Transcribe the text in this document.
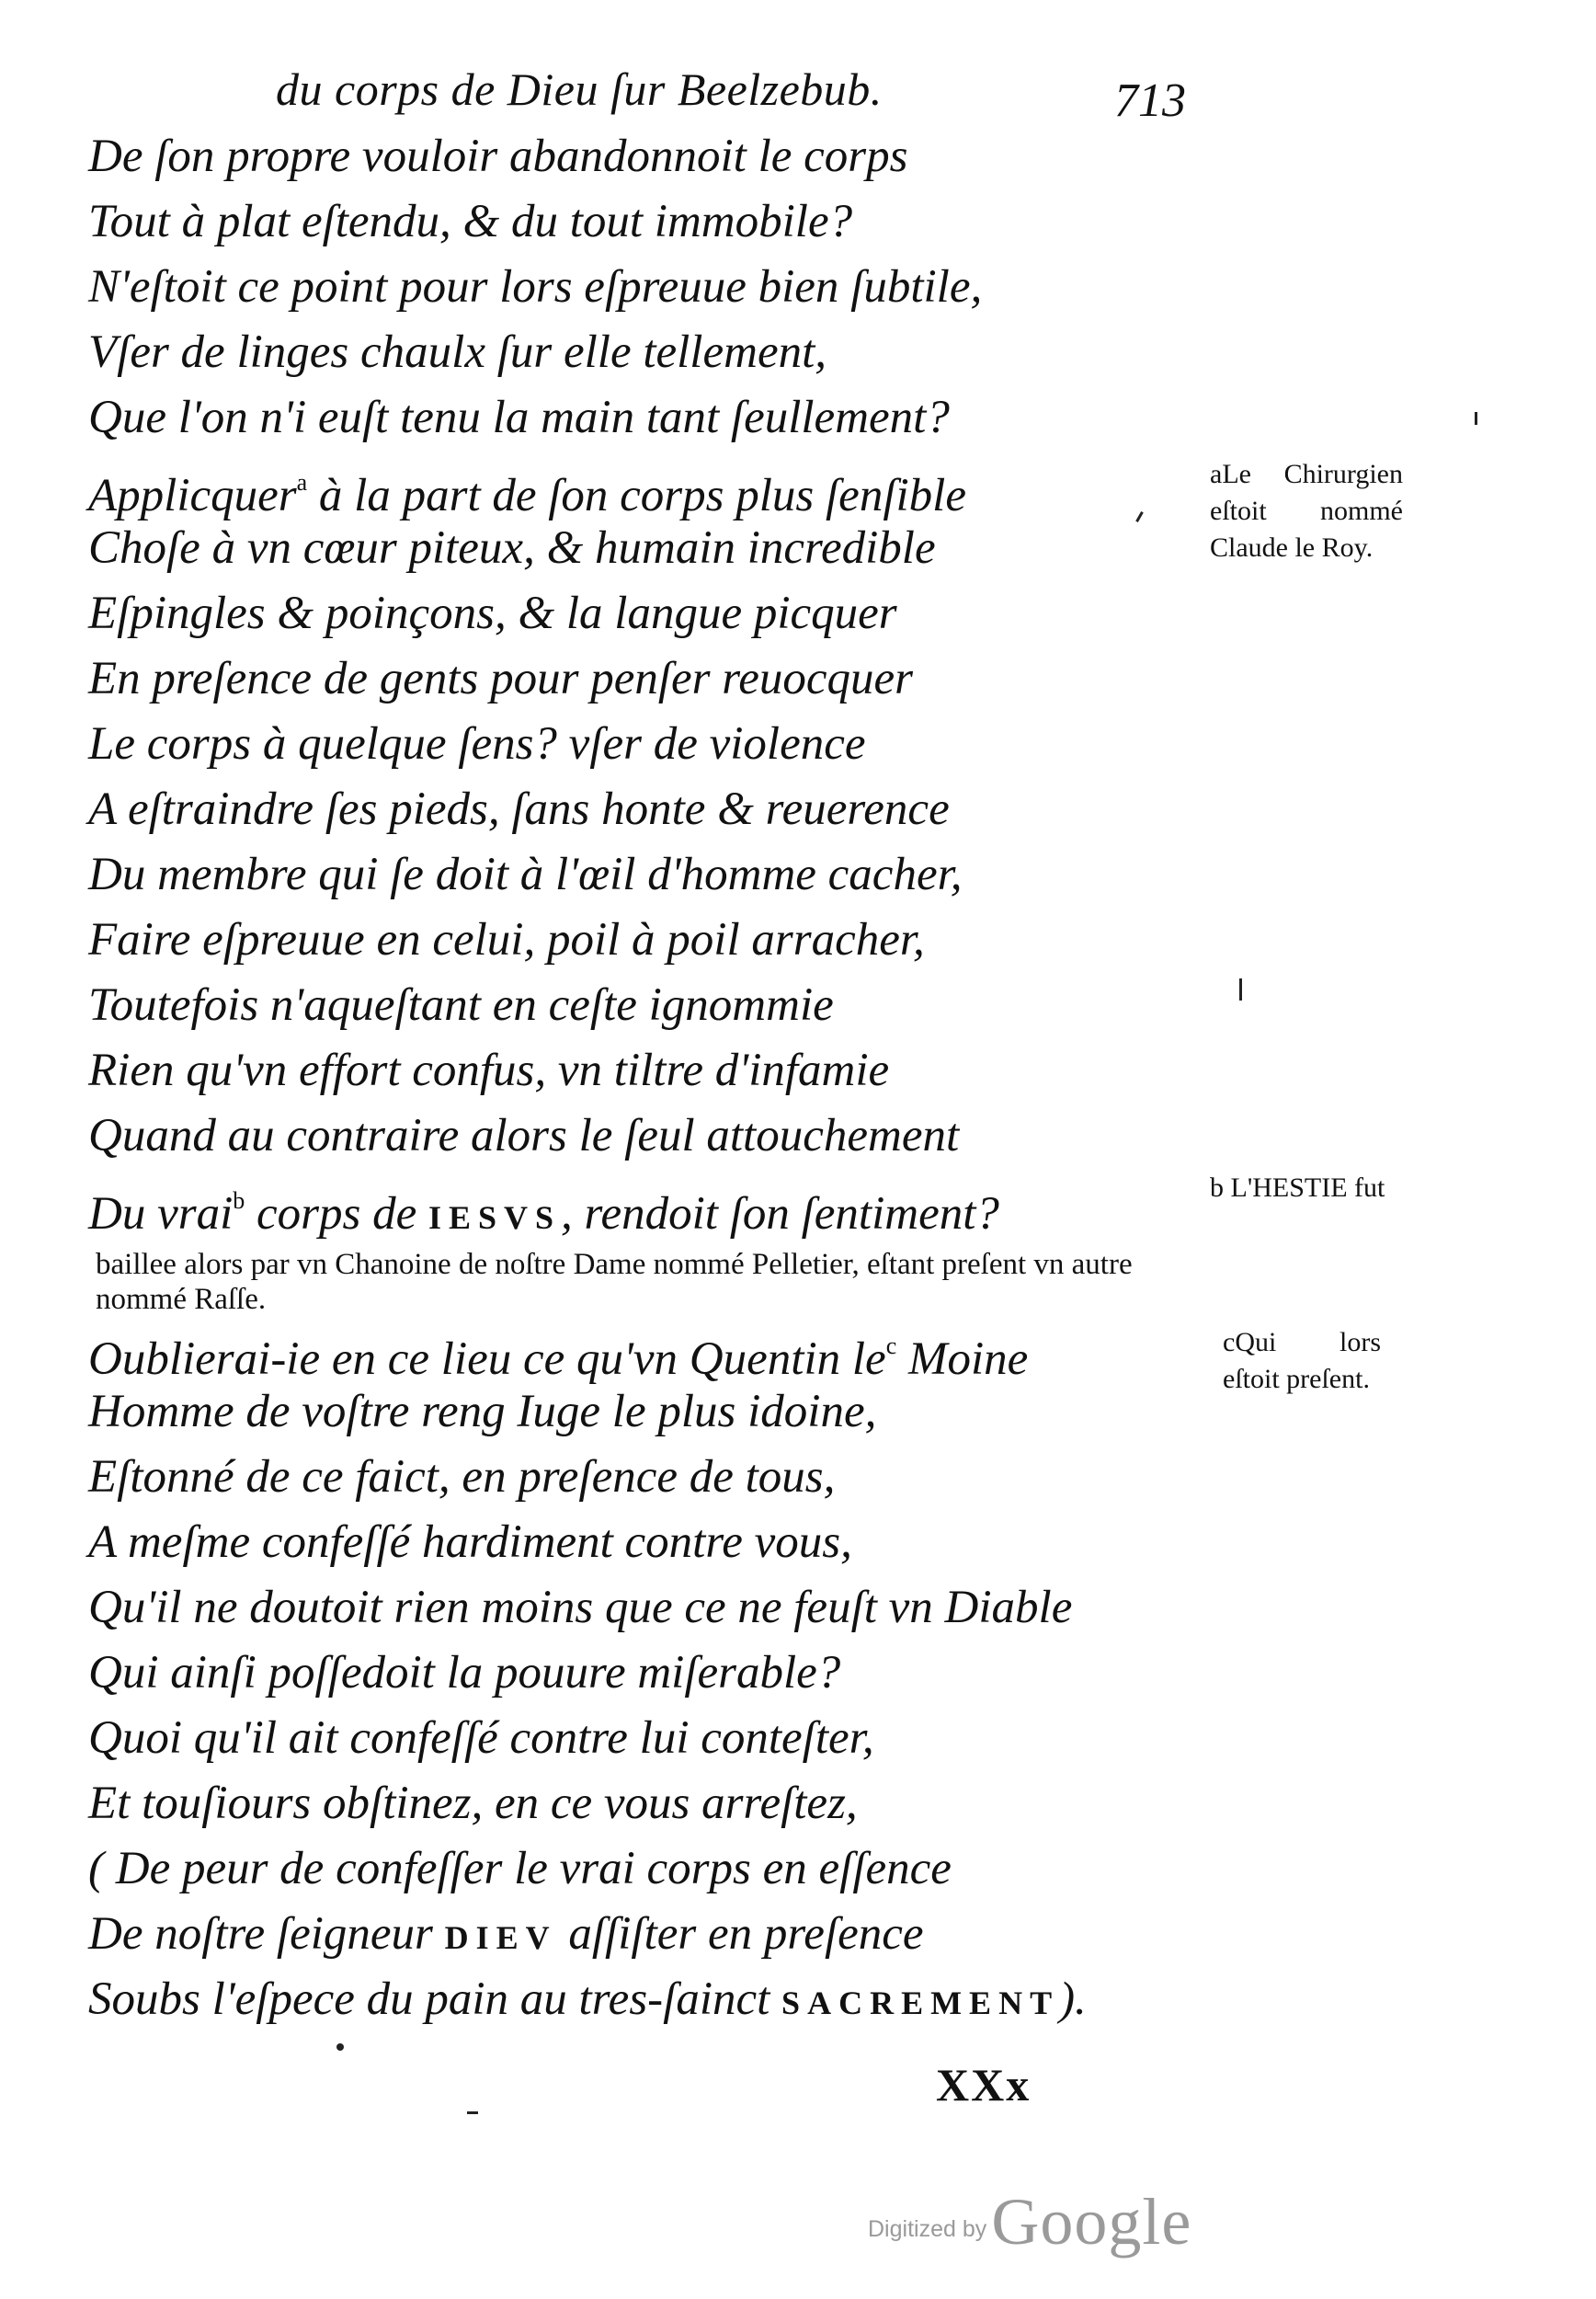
du corps de Dieu ſur Beelzebub.	713
De ſon propre vouloir abandonnoit le corps
Tout à plat eſtendu, & du tout immobile?
N'eſtoit ce point pour lors eſpreuue bien ſubtile,
Vſer de linges chaulx ſur elle tellement,
Que l'on n'i euſt tenu la main tant ſeullement?
Applicquer$^a$ à la part de ſon corps plus ſenſible
Choſe à vn cœur piteux, & humain incredible
Eſpingles & poinçons, & la langue picquer
En preſence de gents pour penſer reuocquer
Le corps à quelque ſens? vſer de violence
A eſtraindre ſes pieds, ſans honte & reuerence
Du membre qui ſe doit à l'œil d'homme cacher,
Faire eſpreuue en celui, poil à poil arracher,
Toutefois n'aqueſtant en ceſte ignommie
Rien qu'vn effort confus, vn tiltre d'infamie
Quand au contraire alors le ſeul attouchement
Du vrai$^b$ corps de IESVS, rendoit ſon ſentiment?
baillee alors par vn Chanoine de noſtre Dame nommé Pelletier, eſtant preſent vn autre
nommé Raſſe.
Oublierai-ie en ce lieu ce qu'vn Quentin $le^c$ Moine
Homme de voſtre reng Iuge le plus idoine,
Eſtonné de ce faict, en preſence de tous,
A meſme confeſſé hardiment contre vous,
Qu'il ne doutoit rien moins que ce ne feuſt vn Diable
Qui ainſi poſſedoit la pouure miſerable?
Quoi qu'il ait confeſſé contre lui conteſter,
Et touſiours obſtinez, en ce vous arreſtez,
( De peur de confeſſer le vrai corps en eſſence
De noſtre ſeigneur DIEV aſſiſter en preſence
Soubs l'eſpece du pain au tres-ſainct SACREMENT).
aLe Chirurgien eſtoit nommé Claude le Roy.
b L'HESTIE fut
cQui lors eſtoit preſent.
XXx
Digitized by Google
